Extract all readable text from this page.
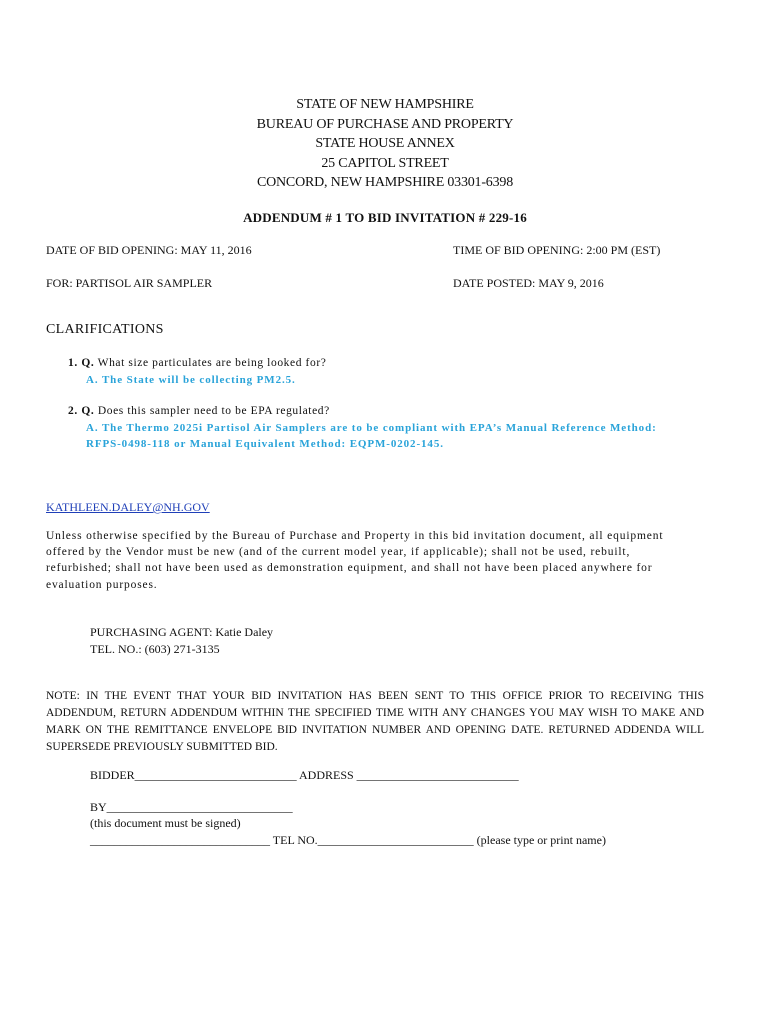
STATE OF NEW HAMPSHIRE
BUREAU OF PURCHASE AND PROPERTY
STATE HOUSE ANNEX
25 CAPITOL STREET
CONCORD, NEW HAMPSHIRE 03301-6398
ADDENDUM # 1 TO BID INVITATION # 229-16
DATE OF BID OPENING: MAY 11, 2016	TIME OF BID OPENING: 2:00 PM (EST)
FOR: PARTISOL AIR SAMPLER	DATE POSTED: MAY 9, 2016
CLARIFICATIONS
1. Q. What size particulates are being looked for?
A. The State will be collecting PM2.5.
2. Q. Does this sampler need to be EPA regulated?
A. The Thermo 2025i Partisol Air Samplers are to be compliant with EPA’s Manual Reference Method:
RFPS-0498-118 or Manual Equivalent Method: EQPM-0202-145.
KATHLEEN.DALEY@NH.GOV
Unless otherwise specified by the Bureau of Purchase and Property in this bid invitation document, all equipment offered by the Vendor must be new (and of the current model year, if applicable); shall not be used, rebuilt, refurbished; shall not have been used as demonstration equipment, and shall not have been placed anywhere for evaluation purposes.
PURCHASING AGENT: Katie Daley
TEL. NO.: (603) 271-3135
NOTE: IN THE EVENT THAT YOUR BID INVITATION HAS BEEN SENT TO THIS OFFICE PRIOR TO RECEIVING THIS ADDENDUM, RETURN ADDENDUM WITHIN THE SPECIFIED TIME WITH ANY CHANGES YOU MAY WISH TO MAKE AND MARK ON THE REMITTANCE ENVELOPE BID INVITATION NUMBER AND OPENING DATE. RETURNED ADDENDA WILL SUPERSEDE PREVIOUSLY SUBMITTED BID.
BIDDER___________________________ ADDRESS ___________________________
BY_______________________________
(this document must be signed)
______________________________ TEL NO.__________________________ (please type or print name)
